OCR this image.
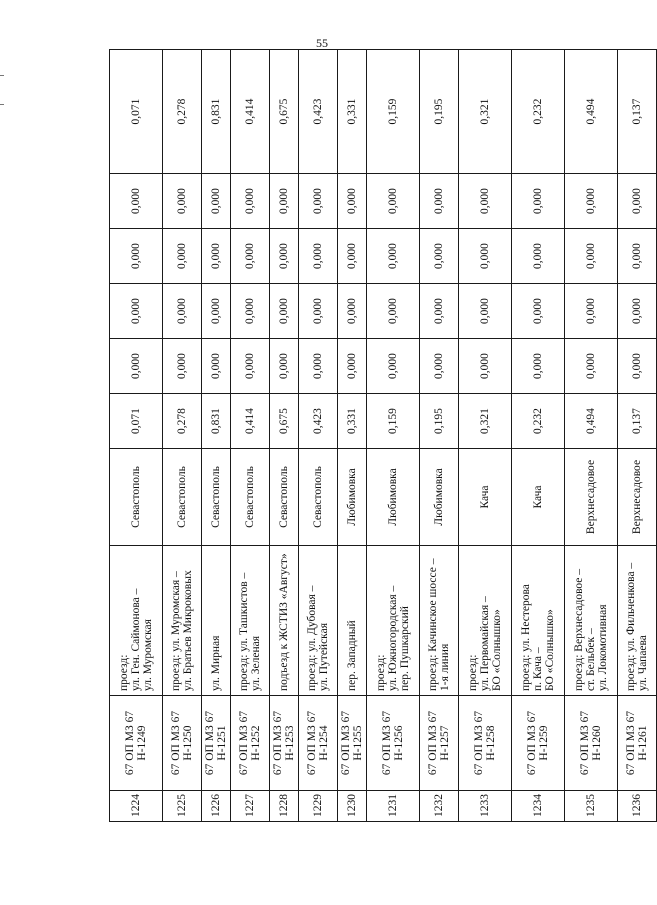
55
1224	67 ОП МЗ 67 Н-1249	проезд:
ул. Ген. Саймонова –
ул. Муромская	Севастополь	0,071	0,000	0,000	0,000	0,000	0,071
1225	67 ОП МЗ 67 Н-1250	проезд: ул. Муромская –
ул. Братьев Микроковых	Севастополь	0,278	0,000	0,000	0,000	0,000	0,278
1226	67 ОП МЗ 67 Н-1251	ул. Мирная	Севастополь	0,831	0,000	0,000	0,000	0,000	0,831
1227	67 ОП МЗ 67 Н-1252	проезд: ул. Ташкистов –
ул. Зеленая	Севастополь	0,414	0,000	0,000	0,000	0,000	0,414
1228	67 ОП МЗ 67 Н-1253	подъезд к ЖСТИЗ «Август»	Севастополь	0,675	0,000	0,000	0,000	0,000	0,675
1229	67 ОП МЗ 67 Н-1254	проезд: ул. Дубовая –
ул. Путейская	Севастополь	0,423	0,000	0,000	0,000	0,000	0,423
1230	67 ОП МЗ 67 Н-1255	пер. Западный	Любимовка	0,331	0,000	0,000	0,000	0,000	0,331
1231	67 ОП МЗ 67 Н-1256	проезд:
ул. Южногородская –
пер. Пушкарский	Любимовка	0,159	0,000	0,000	0,000	0,000	0,159
1232	67 ОП МЗ 67 Н-1257	проезд: Качинское шоссе –
1-я линия	Любимовка	0,195	0,000	0,000	0,000	0,000	0,195
1233	67 ОП МЗ 67 Н-1258	проезд:
ул. Первомайская –
БО «Солнышко»	Кача	0,321	0,000	0,000	0,000	0,000	0,321
1234	67 ОП МЗ 67 Н-1259	проезд: ул. Нестерова
п. Кача –
БО «Солнышко»	Кача	0,232	0,000	0,000	0,000	0,000	0,232
1235	67 ОП МЗ 67 Н-1260	проезд: Верхнесадовое –
ст. Бельбек –
ул. Локомотивная	Верхнесадовое	0,494	0,000	0,000	0,000	0,000	0,494
1236	67 ОП МЗ 67 Н-1261	проезд: ул. Фильченкова –
ул. Чапаева	Верхнесадовое	0,137	0,000	0,000	0,000	0,000	0,137
